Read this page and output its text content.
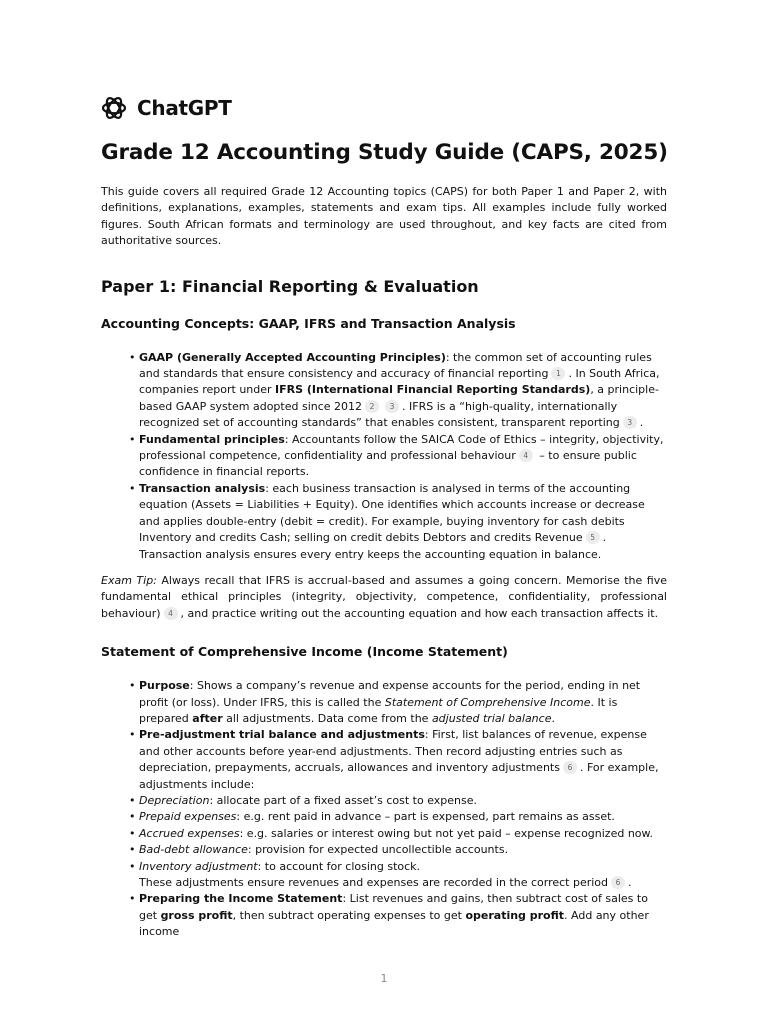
ChatGPT
Grade 12 Accounting Study Guide (CAPS, 2025)

This guide covers all required Grade 12 Accounting topics (CAPS) for both Paper 1 and Paper 2, with definitions, explanations, examples, statements and exam tips. All examples include fully worked figures. South African formats and terminology are used throughout, and key facts are cited from authoritative sources.

Paper 1: Financial Reporting & Evaluation
Accounting Concepts: GAAP, IFRS and Transaction Analysis
• GAAP (Generally Accepted Accounting Principles): the common set of accounting rules and standards that ensure consistency and accuracy of financial reporting 1 . In South Africa, companies report under IFRS (International Financial Reporting Standards), a principle-based GAAP system adopted since 2012 2 3 . IFRS is a “high-quality, internationally recognized set of accounting standards” that enables consistent, transparent reporting 3 .
• Fundamental principles: Accountants follow the SAICA Code of Ethics – integrity, objectivity, professional competence, confidentiality and professional behaviour 4 – to ensure public confidence in financial reports.
• Transaction analysis: each business transaction is analysed in terms of the accounting equation (Assets = Liabilities + Equity). One identifies which accounts increase or decrease and applies double-entry (debit = credit). For example, buying inventory for cash debits Inventory and credits Cash; selling on credit debits Debtors and credits Revenue 5 . Transaction analysis ensures every entry keeps the accounting equation in balance.

Exam Tip: Always recall that IFRS is accrual-based and assumes a going concern. Memorise the five fundamental ethical principles (integrity, objectivity, competence, confidentiality, professional behaviour) 4 , and practice writing out the accounting equation and how each transaction affects it.

Statement of Comprehensive Income (Income Statement)
• Purpose: Shows a company’s revenue and expense accounts for the period, ending in net profit (or loss). Under IFRS, this is called the Statement of Comprehensive Income. It is prepared after all adjustments. Data come from the adjusted trial balance.
• Pre-adjustment trial balance and adjustments: First, list balances of revenue, expense and other accounts before year-end adjustments. Then record adjusting entries such as depreciation, prepayments, accruals, allowances and inventory adjustments 6 . For example, adjustments include:
• Depreciation: allocate part of a fixed asset’s cost to expense.
• Prepaid expenses: e.g. rent paid in advance – part is expensed, part remains as asset.
• Accrued expenses: e.g. salaries or interest owing but not yet paid – expense recognized now.
• Bad-debt allowance: provision for expected uncollectible accounts.
• Inventory adjustment: to account for closing stock.
These adjustments ensure revenues and expenses are recorded in the correct period 6 .
• Preparing the Income Statement: List revenues and gains, then subtract cost of sales to get gross profit, then subtract operating expenses to get operating profit. Add any other income
1
